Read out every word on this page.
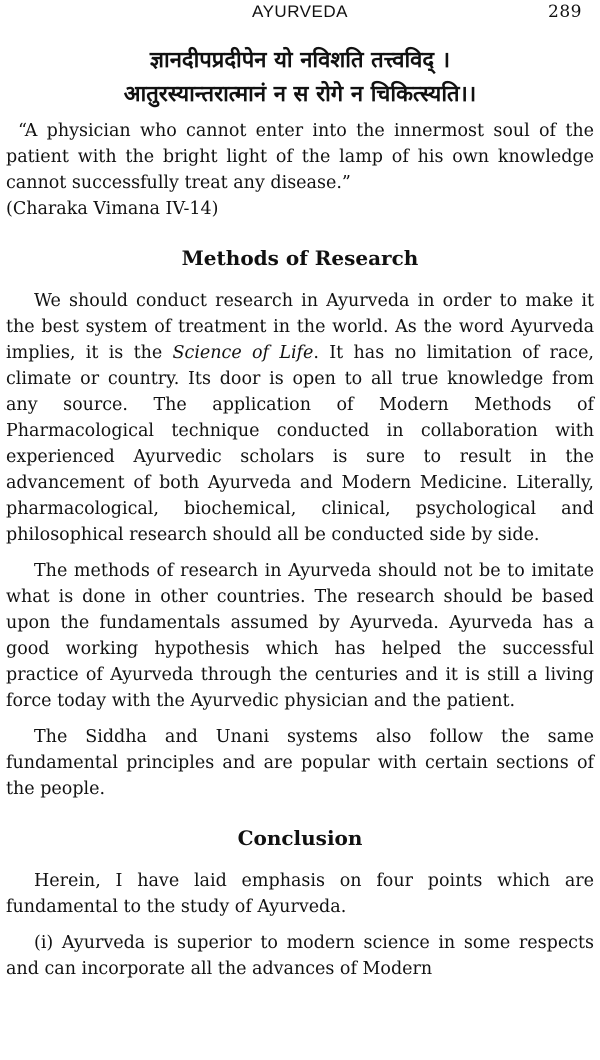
AYURVEDA	289
ज्ञानदीपप्रदीपेन यो नविशति तत्त्वविद् ।
आतुरस्यान्तरात्मानं न स रोगे न चिकित्स्यति।।

“A physician who cannot enter into the innermost soul of the patient with the bright light of the lamp of his own knowledge cannot successfully treat any disease.”

(Charaka Vimana IV-14)

Methods of Research

We should conduct research in Ayurveda in order to make it the best system of treatment in the world. As the word Ayurveda implies, it is the Science of Life. It has no limitation of race, climate or country. Its door is open to all true knowledge from any source. The application of Modern Methods of Pharmacological technique conducted in collaboration with experienced Ayurvedic scholars is sure to result in the advancement of both Ayurveda and Modern Medicine. Literally, pharmacological, biochemical, clinical, psychological and philosophical research should all be conducted side by side.

The methods of research in Ayurveda should not be to imitate what is done in other countries. The research should be based upon the fundamentals assumed by Ayurveda. Ayurveda has a good working hypothesis which has helped the successful practice of Ayurveda through the centuries and it is still a living force today with the Ayurvedic physician and the patient.

The Siddha and Unani systems also follow the same fundamental principles and are popular with certain sections of the people.

Conclusion

Herein, I have laid emphasis on four points which are fundamental to the study of Ayurveda.

(i) Ayurveda is superior to modern science in some respects and can incorporate all the advances of Modern
